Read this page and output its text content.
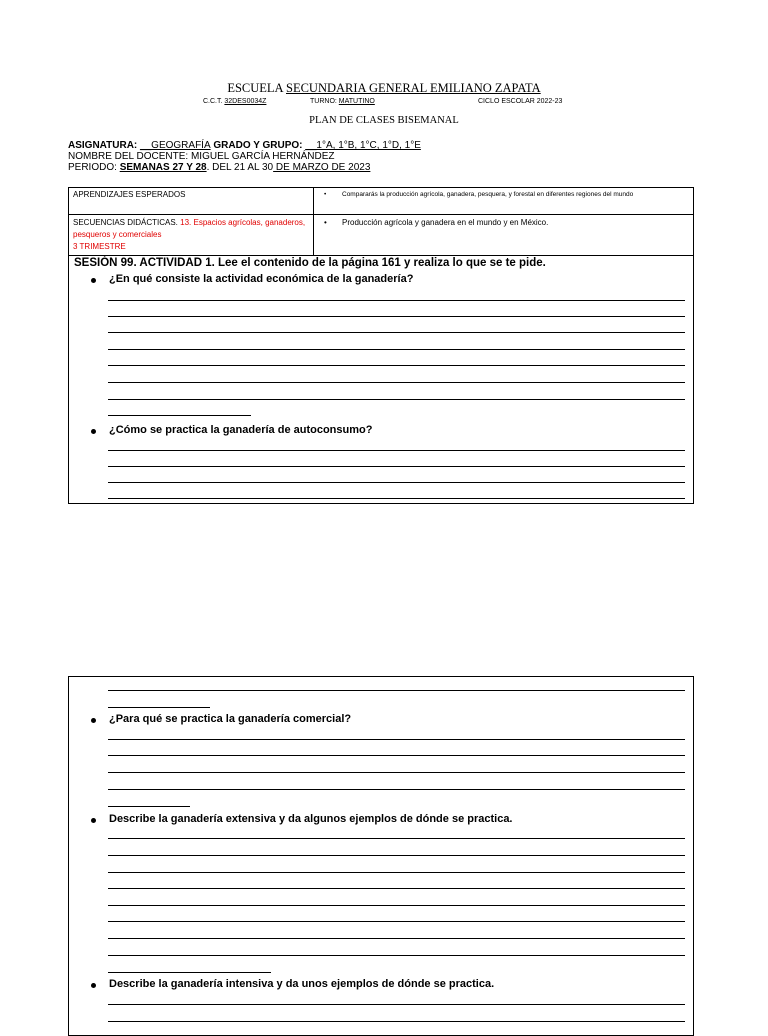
ESCUELA SECUNDARIA GENERAL EMILIANO ZAPATA
C.C.T. 32DES0034Z	TURNO: MATUTINO	CICLO ESCOLAR 2022-23
PLAN DE CLASES BISEMANAL
ASIGNATURA: __GEOGRAFÍA GRADO Y GRUPO: __1°A, 1°B, 1°C, 1°D, 1°E
NOMBRE DEL DOCENTE: MIGUEL GARCÍA HERNÁNDEZ
PERIODO: SEMANAS 27 Y 28. DEL 21 AL 30 DE MARZO DE 2023
APRENDIZAJES ESPERADOS	• Compararás la producción agrícola, ganadera, pesquera, y forestal en diferentes regiones del mundo

SECUENCIAS DIDÁCTICAS. 13. Espacios agrícolas, ganaderos, pesqueros y comerciales
3 TRIMESTRE	• Producción agrícola y ganadera en el mundo y en México.
SESIÓN 99. ACTIVIDAD 1. Lee el contenido de la página 161 y realiza lo que se te pide.
¿En qué consiste la actividad económica de la ganadería?
¿Cómo se practica la ganadería de autoconsumo?
¿Para qué se practica la ganadería comercial?
Describe la ganadería extensiva y da algunos ejemplos de dónde se practica.
Describe la ganadería intensiva y da unos ejemplos de dónde se practica.
